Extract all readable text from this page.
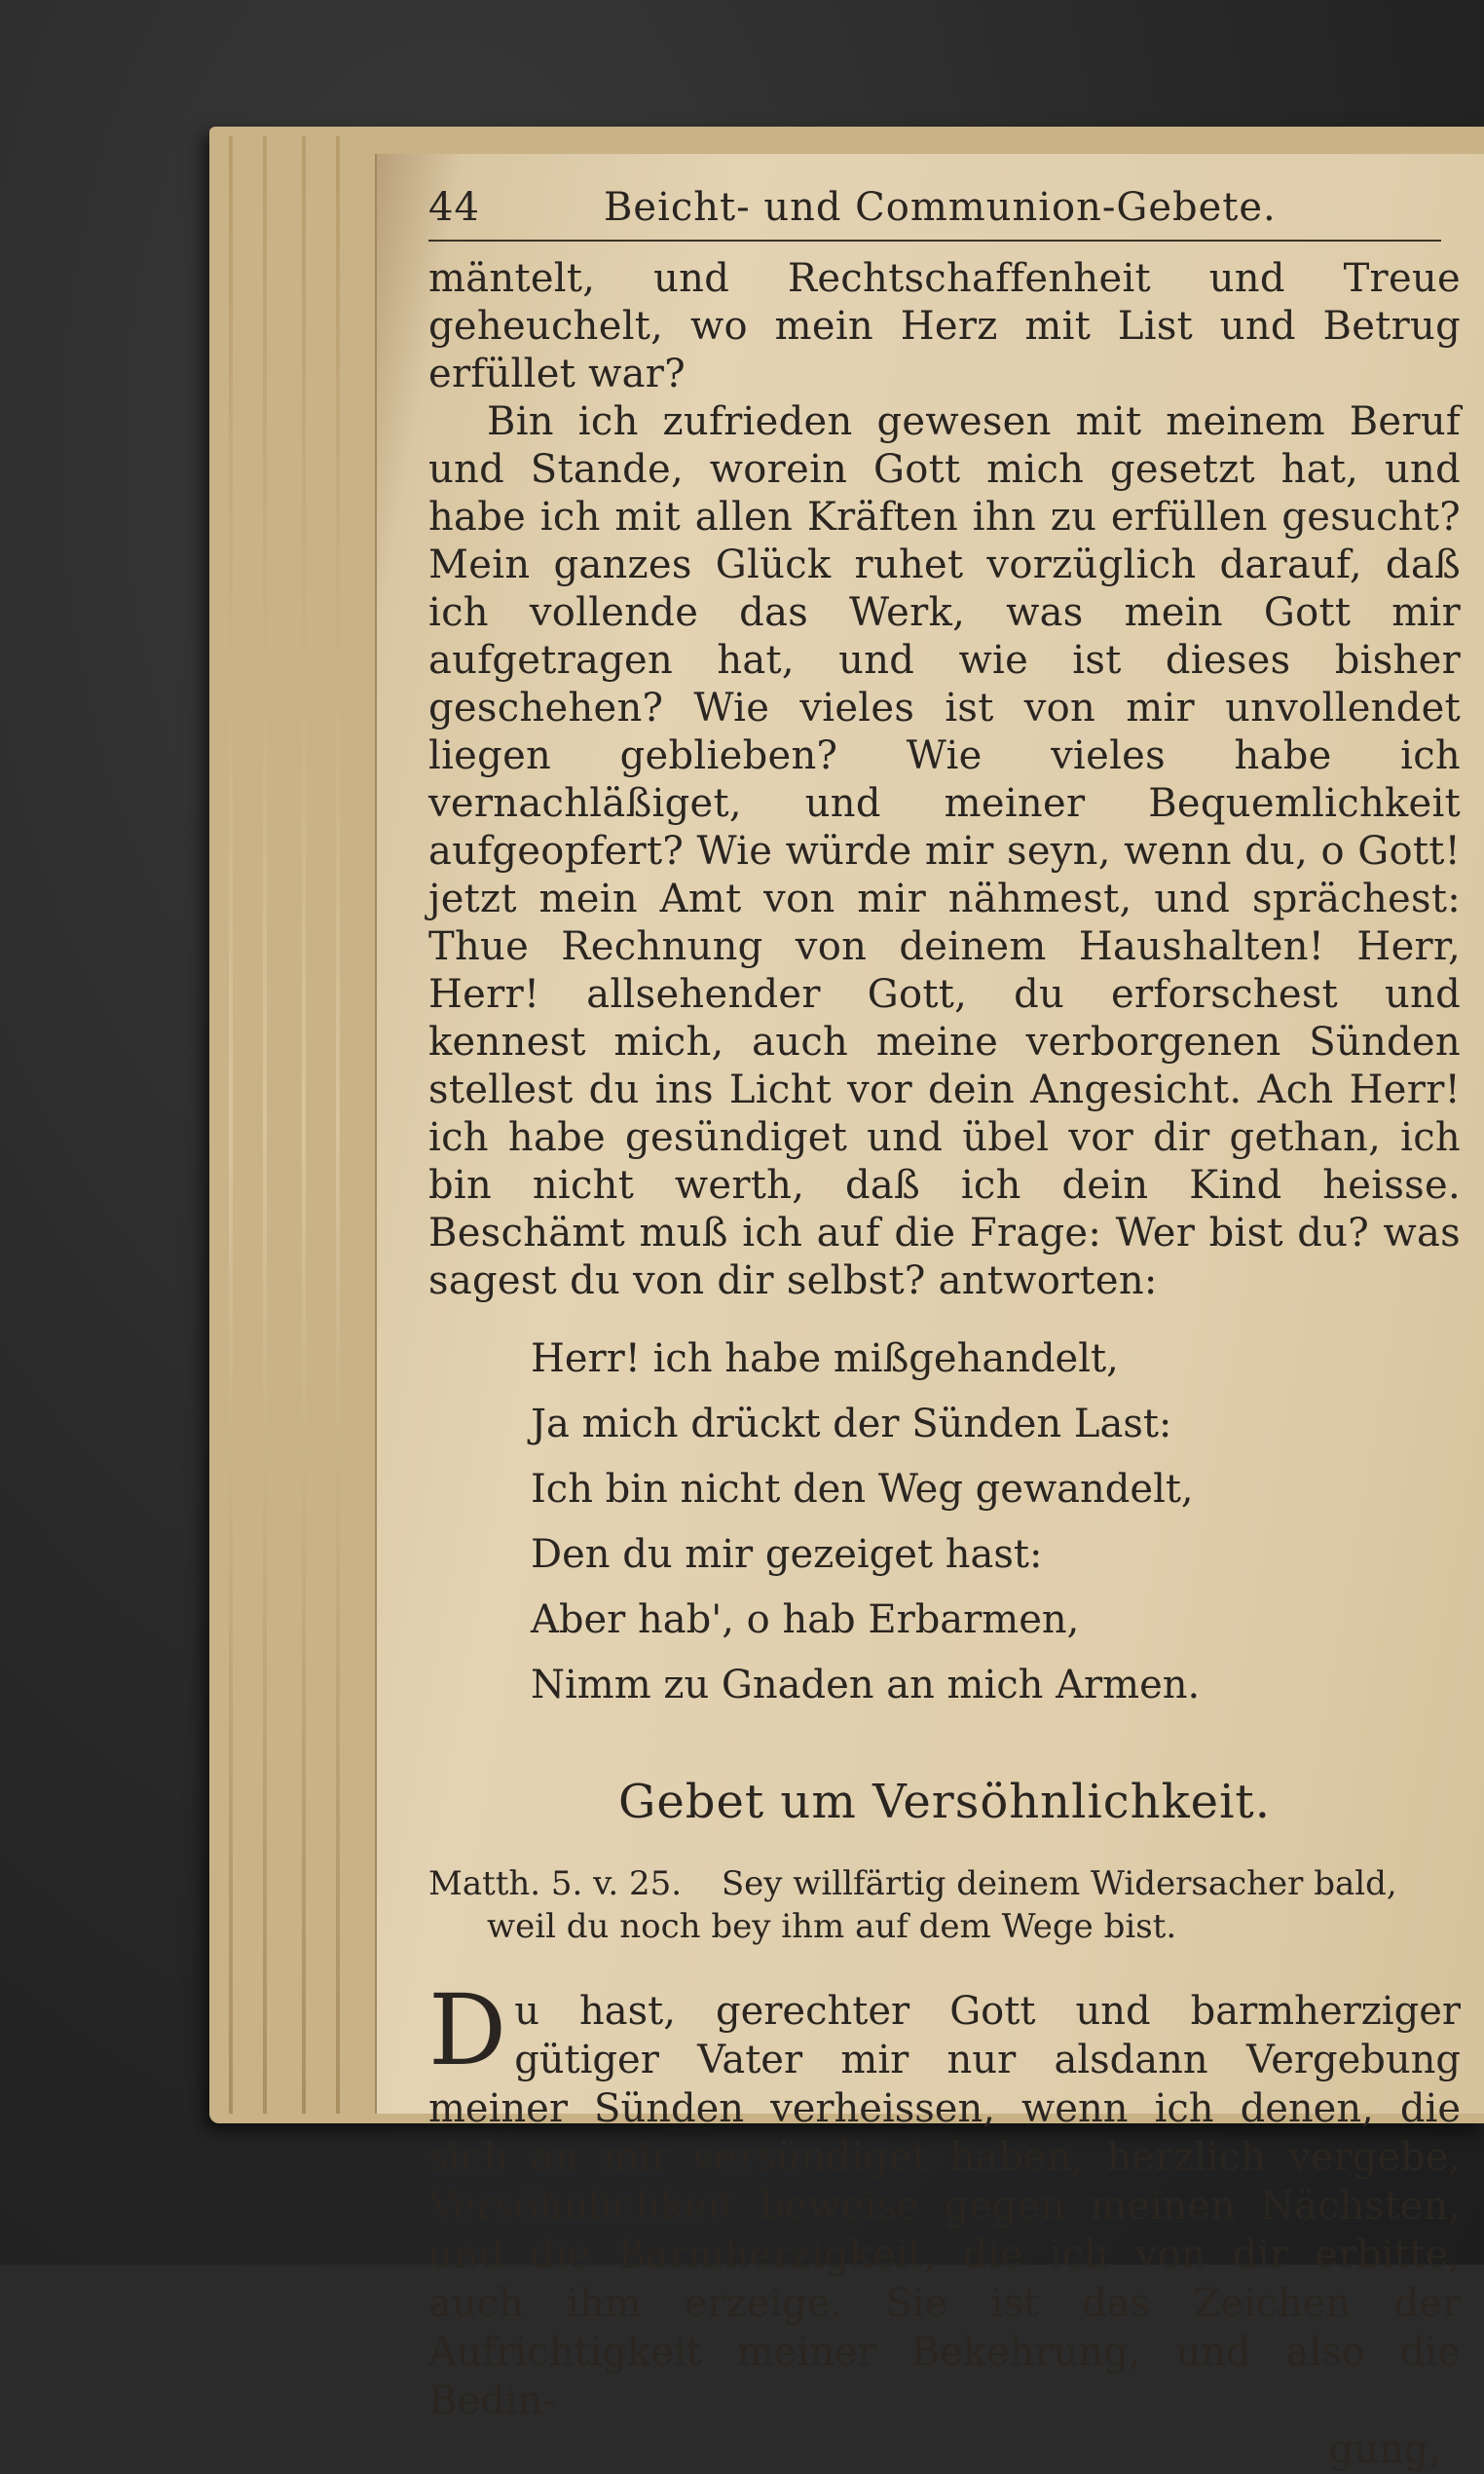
44	Beicht- und Communion-Gebete.

mäntelt, und Rechtschaffenheit und Treue geheuchelt, wo mein Herz mit List und Betrug erfüllet war?

Bin ich zufrieden gewesen mit meinem Beruf und Stande, worein Gott mich gesetzt hat, und habe ich mit allen Kräften ihn zu erfüllen gesucht? Mein ganzes Glück ruhet vorzüglich darauf, daß ich vollende das Werk, was mein Gott mir aufgetragen hat, und wie ist dieses bisher geschehen? Wie vieles ist von mir unvollendet liegen geblieben? Wie vieles habe ich vernachläßiget, und meiner Bequemlichkeit aufgeopfert? Wie würde mir seyn, wenn du, o Gott! jetzt mein Amt von mir nähmest, und sprächest: Thue Rechnung von deinem Haushalten! Herr, Herr! allsehender Gott, du erforschest und kennest mich, auch meine verborgenen Sünden stellest du ins Licht vor dein Angesicht. Ach Herr! ich habe gesündiget und übel vor dir gethan, ich bin nicht werth, daß ich dein Kind heisse. Beschämt muß ich auf die Frage: Wer bist du? was sagest du von dir selbst? antworten:

Herr! ich habe mißgehandelt,
Ja mich drückt der Sünden Last:
Ich bin nicht den Weg gewandelt,
Den du mir gezeiget hast:
Aber hab', o hab Erbarmen,
Nimm zu Gnaden an mich Armen.
Gebet um Versöhnlichkeit.
Matth. 5. v. 25. Sey willfärtig deinem Widersacher bald, weil du noch bey ihm auf dem Wege bist.
D u hast, gerechter Gott und barmherziger gütiger Vater mir nur alsdann Vergebung meiner Sünden verheissen, wenn ich denen, die sich an mir versündiget haben, herzlich vergebe, Versöhnlichkeit beweise gegen meinen Nächsten, und die Barmherzigkeit, die ich von dir erbitte, auch ihm erzeige. Sie ist das Zeichen der Aufrichtigkeit meiner Bekehrung, und also die Bedin-
gung,
